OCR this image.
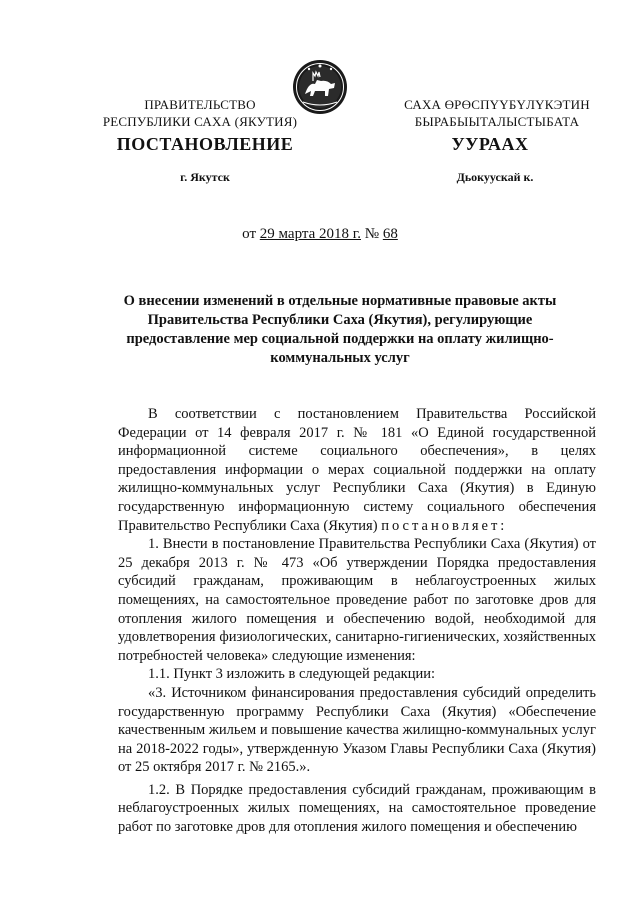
ПРАВИТЕЛЬСТВО
РЕСПУБЛИКИ САХА (ЯКУТИЯ)
САХА ӨРӨСПҮҮБҮЛҮКЭТИН
БЫРАБЫЫТАЛЫСТЫБАТА
ПОСТАНОВЛЕНИЕ	УУРААХ
г. Якутск	Дьокуускай к.
от 29 марта 2018 г. № 68
О внесении изменений в отдельные нормативные правовые акты Правительства Республики Саха (Якутия), регулирующие предоставление мер социальной поддержки на оплату жилищно-коммунальных услуг

В соответствии с постановлением Правительства Российской Федерации от 14 февраля 2017 г. № 181 «О Единой государственной информационной системе социального обеспечения», в целях предоставления информации о мерах социальной поддержки на оплату жилищно-коммунальных услуг Республики Саха (Якутия) в Единую государственную информационную систему социального обеспечения Правительство Республики Саха (Якутия) постановляет:

1. Внести в постановление Правительства Республики Саха (Якутия) от 25 декабря 2013 г. № 473 «Об утверждении Порядка предоставления субсидий гражданам, проживающим в неблагоустроенных жилых помещениях, на самостоятельное проведение работ по заготовке дров для отопления жилого помещения и обеспечению водой, необходимой для удовлетворения физиологических, санитарно-гигиенических, хозяйственных потребностей человека» следующие изменения:

1.1. Пункт 3 изложить в следующей редакции:

«3. Источником финансирования предоставления субсидий определить государственную программу Республики Саха (Якутия) «Обеспечение качественным жильем и повышение качества жилищно-коммунальных услуг на 2018-2022 годы», утвержденную Указом Главы Республики Саха (Якутия) от 25 октября 2017 г. № 2165.».

1.2. В Порядке предоставления субсидий гражданам, проживающим в неблагоустроенных жилых помещениях, на самостоятельное проведение работ по заготовке дров для отопления жилого помещения и обеспечению
